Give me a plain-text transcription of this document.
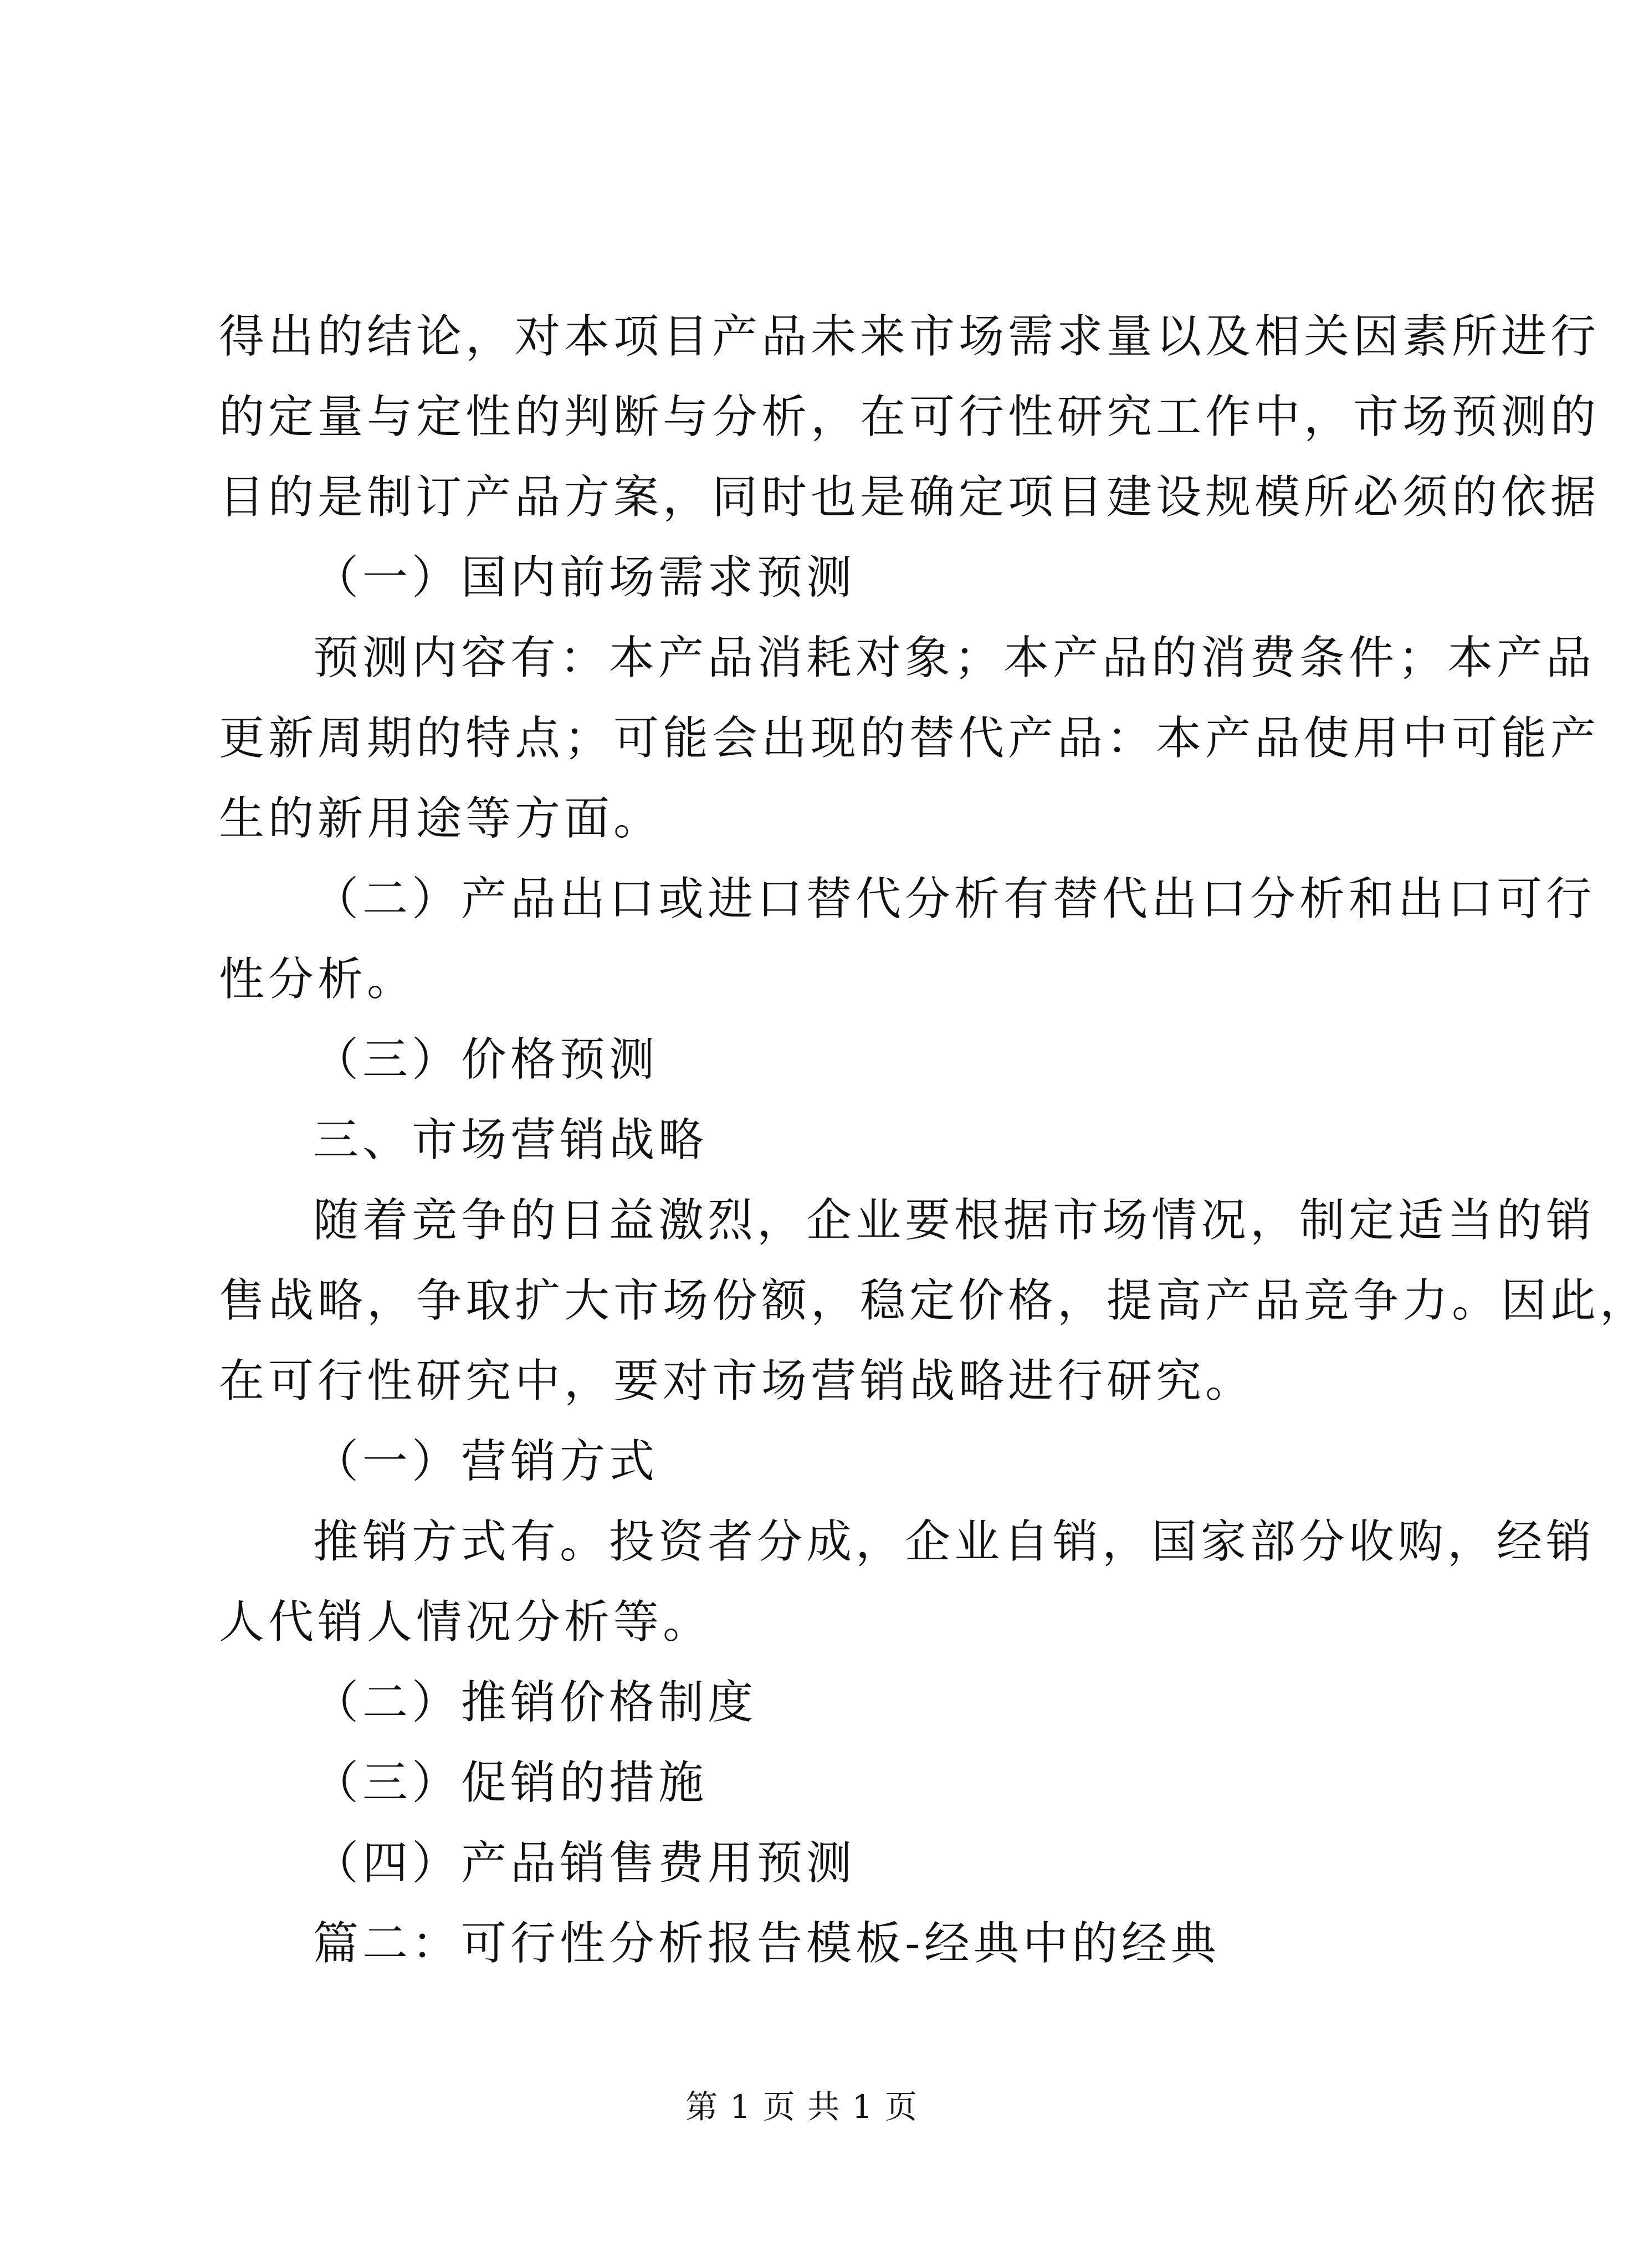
得出的结论，对本项目产品未来市场需求量以及相关因素所进行
的定量与定性的判断与分析，在可行性研究工作中，市场预测的
目的是制订产品方案，同时也是确定项目建设规模所必须的依据
（一）国内前场需求预测
预测内容有：本产品消耗对象；本产品的消费条件；本产品
更新周期的特点；可能会出现的替代产品：本产品使用中可能产
生的新用途等方面。
（二）产品出口或进口替代分析有替代出口分析和出口可行
性分析。
（三）价格预测
三、市场营销战略
随着竞争的日益激烈，企业要根据市场情况，制定适当的销
售战略，争取扩大市场份额，稳定价格，提高产品竞争力。因此，
在可行性研究中，要对市场营销战略进行研究。
（一）营销方式
推销方式有。投资者分成，企业自销，国家部分收购，经销
人代销人情况分析等。
（二）推销价格制度
（三）促销的措施
（四）产品销售费用预测
篇二：可行性分析报告模板-经典中的经典
第 1 页 共 1 页
